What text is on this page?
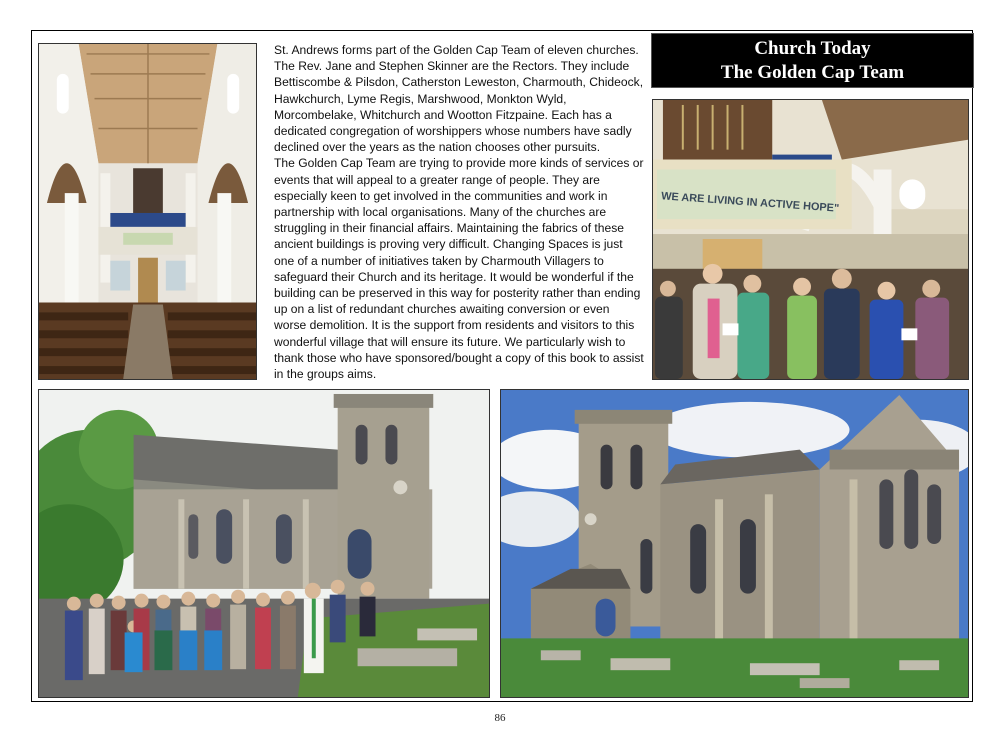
St. Andrews forms part of the Golden Cap Team of eleven churches. The Rev. Jane and Stephen Skinner are the Rectors. They include Bettiscombe & Pilsdon, Catherston Leweston, Charmouth, Chideock, Hawkchurch, Lyme Regis, Marshwood, Monkton Wyld, Morcombelake, Whitchurch and Wootton Fitzpaine. Each has a dedicated congregation of worshippers whose numbers have sadly declined over the years as the nation chooses other pursuits.

The Golden Cap Team are trying to provide more kinds of services or events that will appeal to a greater range of people. They are especially keen to get involved in the communities and work in partnership with local organisations. Many of the churches are struggling in their financial affairs. Maintaining the fabrics of these ancient buildings is proving very difficult. Changing Spaces is just one of a number of initiatives taken by Charmouth Villagers to safeguard their Church and its heritage. It would be wonderful if the building can be preserved in this way for posterity rather than ending up on a list of redundant churches awaiting conversion or even worse demolition. It is the support from residents and visitors to this wonderful village that will ensure its future. We particularly wish to thank those who have sponsored/bought a copy of this book to assist in the groups aims.

Church Today
The Golden Cap Team
WE ARE LIVING IN ACTIVE HOPE"
86
